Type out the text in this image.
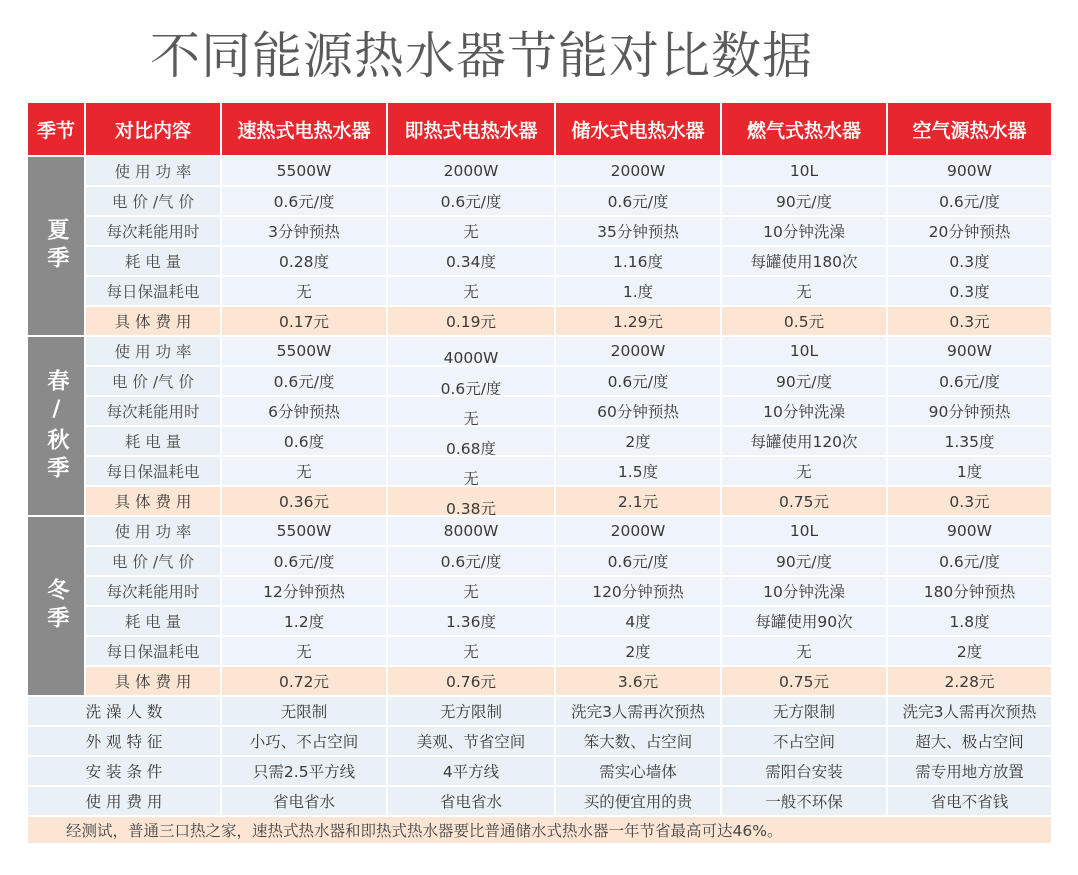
不同能源热水器节能对比数据
季节	对比内容	速热式电热水器	即热式电热水器	储水式电热水器	燃气式热水器	空气源热水器
夏季
使 用 功 率	5500W	2000W	2000W	10L	900W
电 价 /气 价	0.6元/度	0.6元/度	0.6元/度	90元/度	0.6元/度
每次耗能用时	3分钟预热	无	35分钟预热	10分钟洗澡	20分钟预热
耗 电 量	0.28度	0.34度	1.16度	每罐使用180次	0.3度
每日保温耗电	无	无	1.度	无	0.3度
具 体 费 用	0.17元	0.19元	1.29元	0.5元	0.3元
春/秋季
使 用 功 率	5500W	4000W	2000W	10L	900W
电 价 /气 价	0.6元/度	0.6元/度	0.6元/度	90元/度	0.6元/度
每次耗能用时	6分钟预热	无	60分钟预热	10分钟洗澡	90分钟预热
耗 电 量	0.6度	0.68度	2度	每罐使用120次	1.35度
每日保温耗电	无	无	1.5度	无	1度
具 体 费 用	0.36元	0.38元	2.1元	0.75元	0.3元
冬季
使 用 功 率	5500W	8000W	2000W	10L	900W
电 价 /气 价	0.6元/度	0.6元/度	0.6元/度	90元/度	0.6元/度
每次耗能用时	12分钟预热	无	120分钟预热	10分钟洗澡	180分钟预热
耗 电 量	1.2度	1.36度	4度	每罐使用90次	1.8度
每日保温耗电	无	无	2度	无	2度
具 体 费 用	0.72元	0.76元	3.6元	0.75元	2.28元
洗 澡 人 数	无限制	无方限制	洗完3人需再次预热	无方限制	洗完3人需再次预热
外 观 特 征	小巧、不占空间	美观、节省空间	笨大数、占空间	不占空间	超大、极占空间
安 装 条 件	只需2.5平方线	4平方线	需实心墙体	需阳台安装	需专用地方放置
使 用 费 用	省电省水	省电省水	买的便宜用的贵	一般不环保	省电不省钱
经测试，普通三口热之家，速热式热水器和即热式热水器要比普通储水式热水器一年节省最高可达46%。
